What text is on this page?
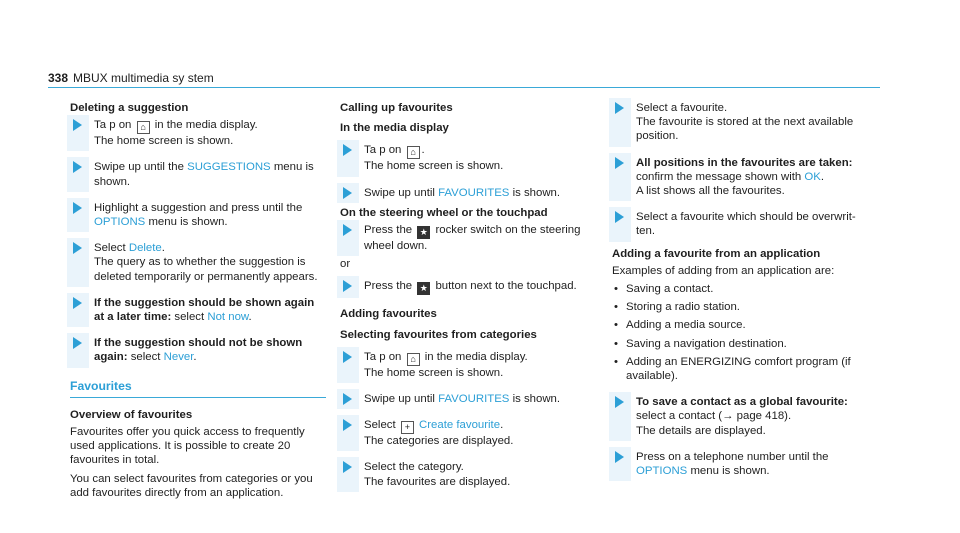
338 MBUX multimedia sy stem
Deleting a suggestion
Ta p on ⌂ in the media display.
The home screen is shown.
Swipe up until the SUGGESTIONS menu is
shown.
Highlight a suggestion and press until the
OPTIONS menu is shown.
Select Delete.
The query as to whether the suggestion is deleted temporarily or permanently appears.
If the suggestion should be shown again at a later time: select Not now.
If the suggestion should not be shown again: select Never.
Favourites
Overview of favourites
Favourites offer you quick access to frequently used applications. It is possible to create 20 favourites in total.
You can select favourites from categories or you add favourites directly from an application.
Calling up favourites
In the media display
Ta p on ⌂ .
The home screen is shown.
Swipe up until FAVOURITES is shown.
On the steering wheel or the touchpad
Press the ★ rocker switch on the steering wheel down.
or
Press the ★ button next to the touchpad.
Adding favourites
Selecting favourites from categories
Ta p on ⌂ in the media display.
The home screen is shown.
Swipe up until FAVOURITES is shown.
Select + Create favourite.
The categories are displayed.
Select the category.
The favourites are displayed.
Select a favourite.
The favourite is stored at the next available position.
All positions in the favourites are taken:
confirm the message shown with OK.
A list shows all the favourites.
Select a favourite which should be overwrit-ten.
Adding a favourite from an application
Examples of adding from an application are:
• Saving a contact.
• Storing a radio station.
• Adding a media source.
• Saving a navigation destination.
• Adding an ENERGIZING comfort program (if available).
To save a contact as a global favourite:
select a contact (→ page 418).
The details are displayed.
Press on a telephone number until the
OPTIONS menu is shown.
